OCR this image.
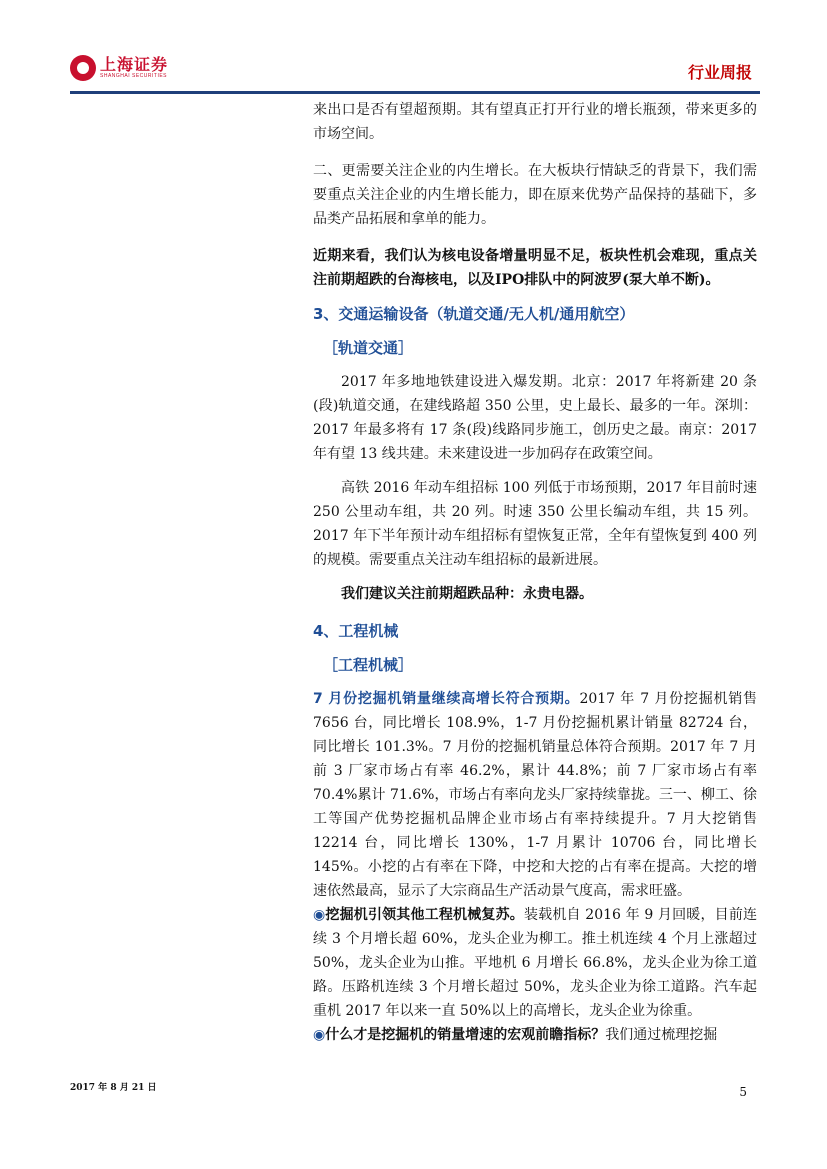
上海证券
SHANGHAI SECURITIES	行业周报

来出口是否有望超预期。其有望真正打开行业的增长瓶颈，带来更多的市场空间。

二、更需要关注企业的内生增长。在大板块行情缺乏的背景下，我们需要重点关注企业的内生增长能力，即在原来优势产品保持的基础下，多品类产品拓展和拿单的能力。

近期来看，我们认为核电设备增量明显不足，板块性机会难现，重点关注前期超跌的台海核电，以及IPO排队中的阿波罗(泵大单不断)。

3、交通运输设备（轨道交通/无人机/通用航空）
［轨道交通］

2017 年多地地铁建设进入爆发期。北京：2017 年将新建 20 条(段)轨道交通，在建线路超 350 公里，史上最长、最多的一年。深圳：2017 年最多将有 17 条(段)线路同步施工，创历史之最。南京：2017 年有望 13 线共建。未来建设进一步加码存在政策空间。

高铁 2016 年动车组招标 100 列低于市场预期，2017 年目前时速 250 公里动车组，共 20 列。时速 350 公里长编动车组，共 15 列。2017 年下半年预计动车组招标有望恢复正常，全年有望恢复到 400 列的规模。需要重点关注动车组招标的最新进展。

我们建议关注前期超跌品种：永贵电器。

4、工程机械
［工程机械］

7 月份挖掘机销量继续高增长符合预期。2017 年 7 月份挖掘机销售 7656 台，同比增长 108.9%，1-7 月份挖掘机累计销量 82724 台，同比增长 101.3%。7 月份的挖掘机销量总体符合预期。2017 年 7 月前 3 厂家市场占有率 46.2%，累计 44.8%；前 7 厂家市场占有率 70.4%累计 71.6%，市场占有率向龙头厂家持续靠拢。三一、柳工、徐工等国产优势挖掘机品牌企业市场占有率持续提升。7 月大挖销售 12214 台，同比增长 130%，1-7 月累计 10706 台，同比增长 145%。小挖的占有率在下降，中挖和大挖的占有率在提高。大挖的增速依然最高，显示了大宗商品生产活动景气度高，需求旺盛。

◉挖掘机引领其他工程机械复苏。装载机自 2016 年 9 月回暖，目前连续 3 个月增长超 60%，龙头企业为柳工。推土机连续 4 个月上涨超过 50%，龙头企业为山推。平地机 6 月增长 66.8%，龙头企业为徐工道路。压路机连续 3 个月增长超过 50%，龙头企业为徐工道路。汽车起重机 2017 年以来一直 50%以上的高增长，龙头企业为徐重。

◉什么才是挖掘机的销量增速的宏观前瞻指标？我们通过梳理挖掘

2017 年 8 月 21 日	5
